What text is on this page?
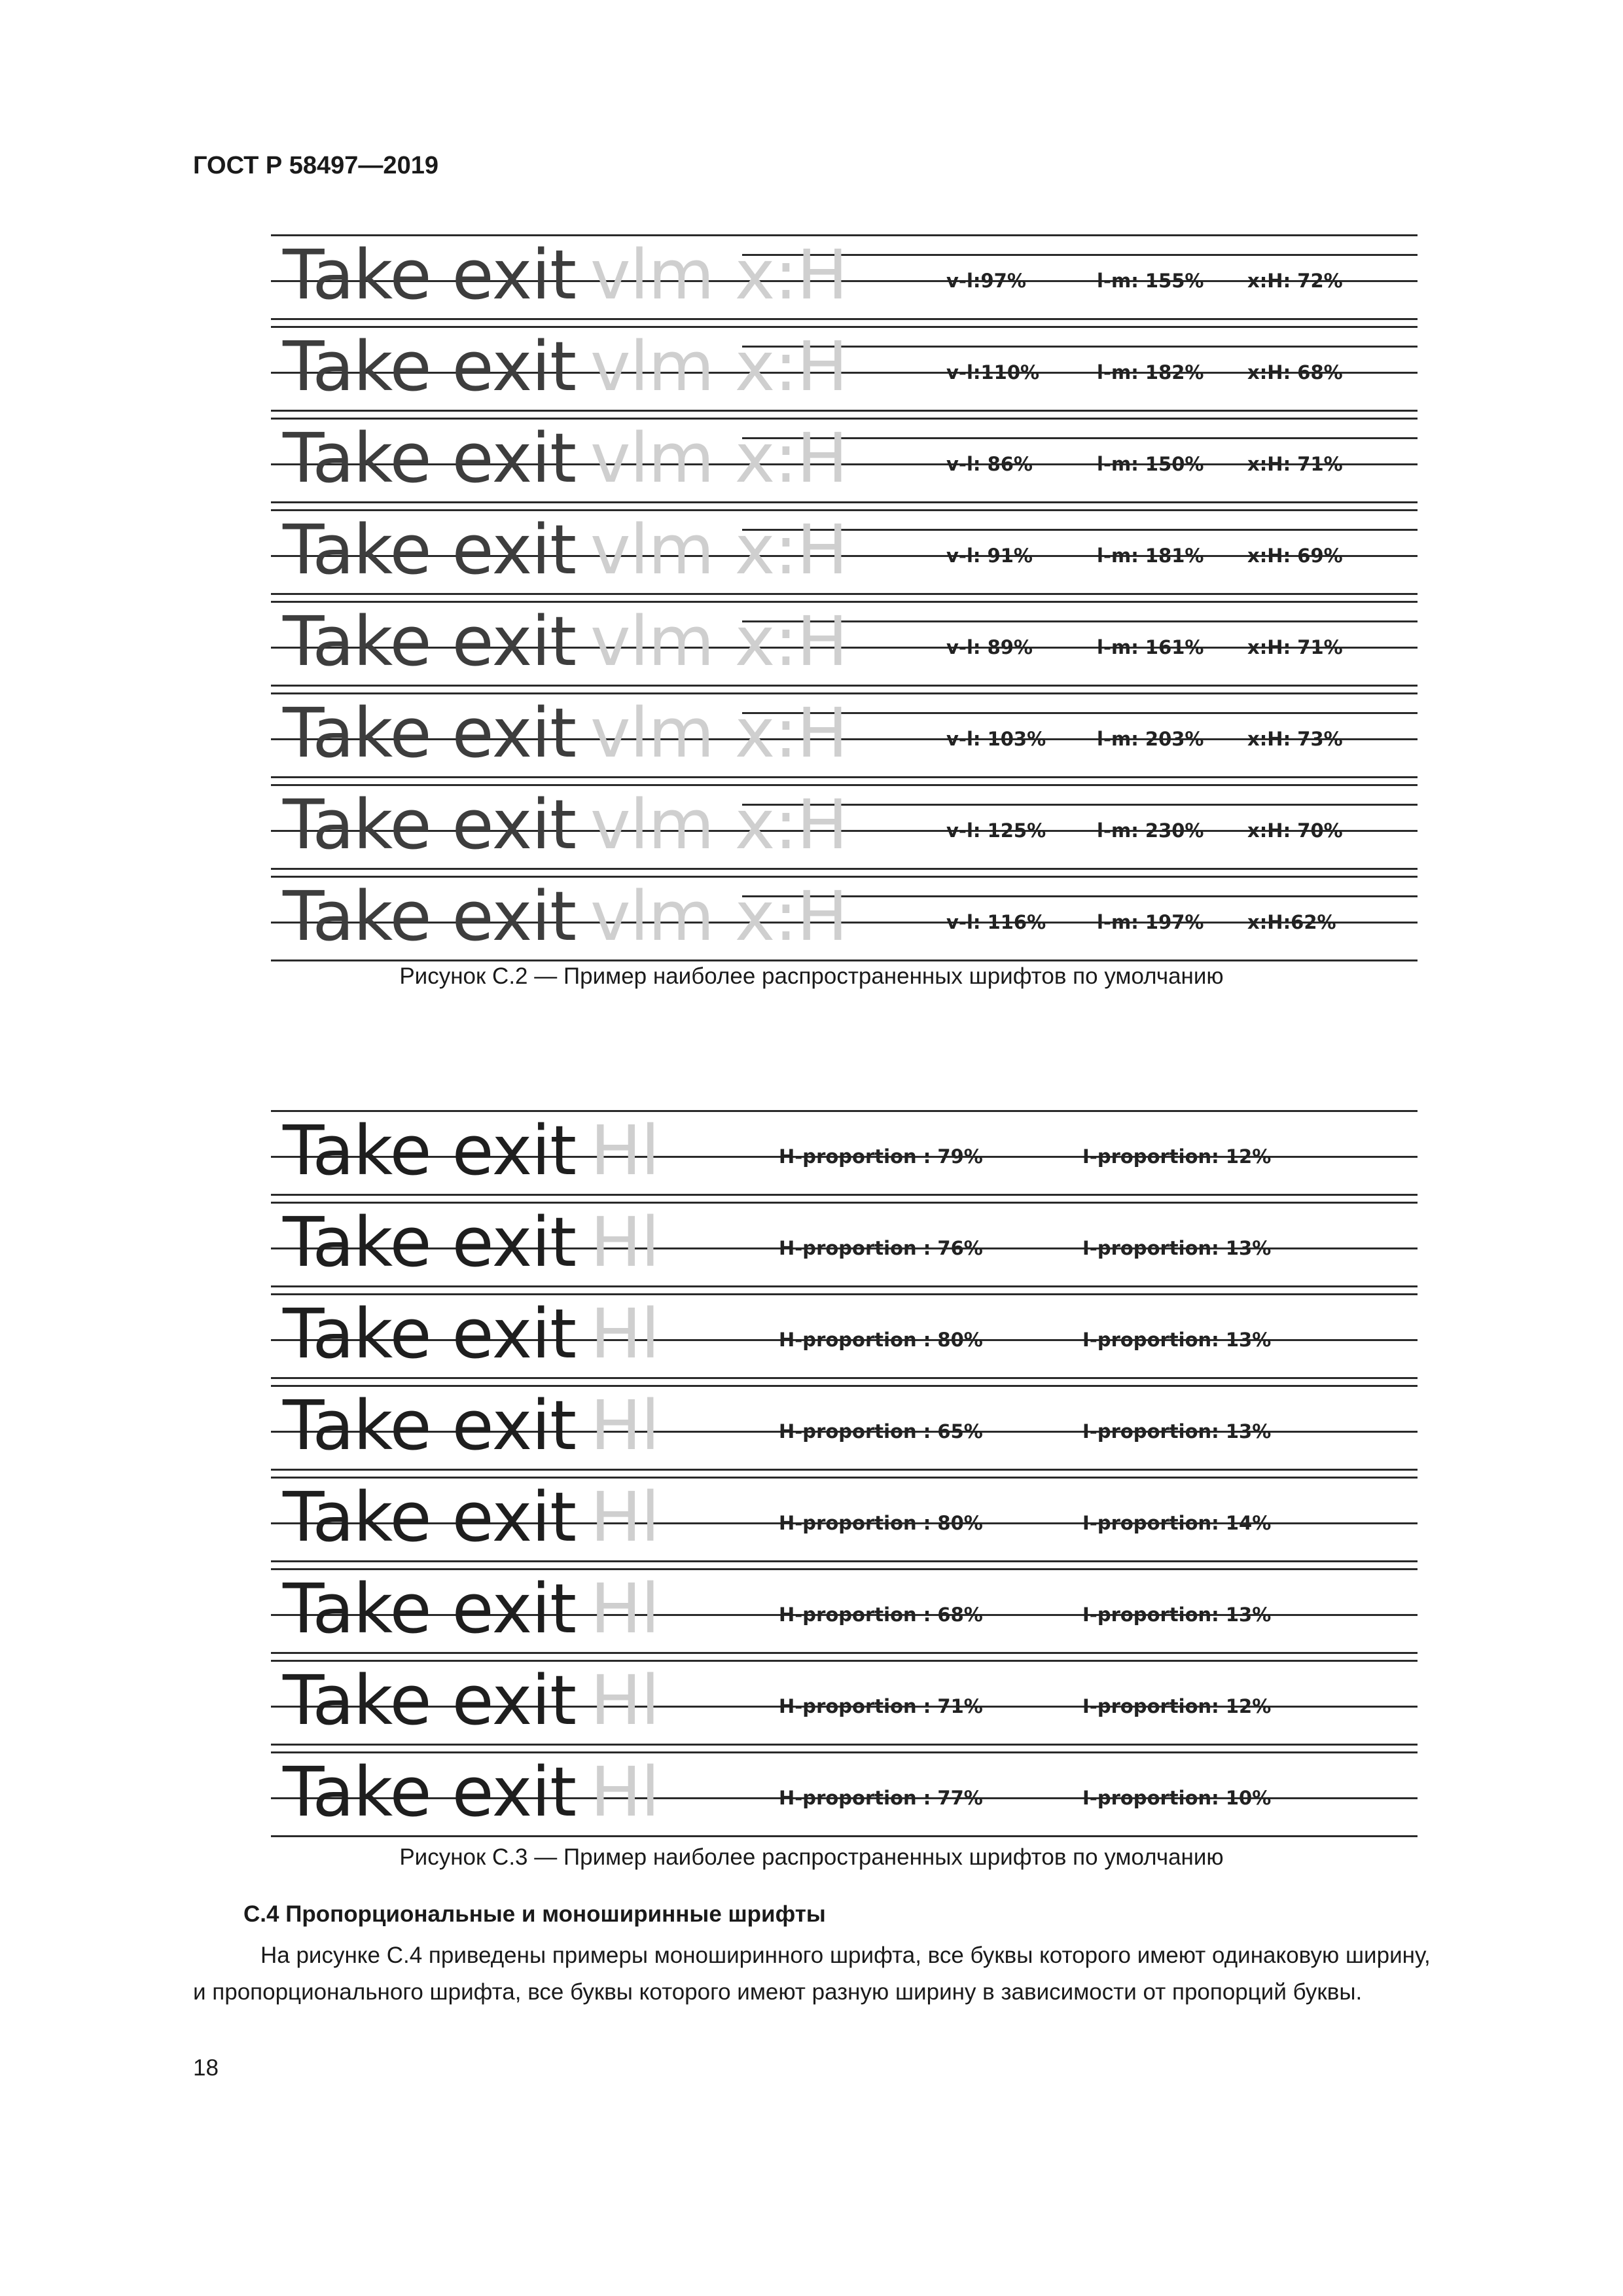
ГОСТ Р 58497—2019
Take exit vlm x:H	v-l:97%	l-m: 155% x:H: 72%
Take exit vlm x:H	v-l:110%	l-m: 182% x:H: 68%
Take exit vlm x:H	v-l: 86%	l-m: 150% x:H: 71%
Take exit vlm x:H	v-l: 91%	l-m: 181% x:H: 69%
Take exit vlm x:H	v-l: 89%	l-m: 161% x:H: 71%
Take exit vlm x:H	v-l: 103%	l-m: 203% x:H: 73%
Take exit vlm x:H	v-l: 125%	l-m: 230% x:H: 70%
Take exit vlm x:H	v-l: 116%	l-m: 197% x:H:62%
Рисунок С.2 — Пример наиболее распространенных шрифтов по умолчанию
Take exit Hl	H-proportion : 79%	I-proportion: 12%
Take exit Hl	H-proportion : 76%	I-proportion: 13%
Take exit Hl	H-proportion : 80%	I-proportion: 13%
Take exit Hl	H-proportion : 65%	I-proportion: 13%
Take exit Hl	H-proportion : 80%	I-proportion: 14%
Take exit Hl	H-proportion : 68%	I-proportion: 13%
Take exit Hl	H-proportion : 71%	I-proportion: 12%
Take exit Hl	H-proportion : 77%	I-proportion: 10%
Рисунок С.3 — Пример наиболее распространенных шрифтов по умолчанию
С.4 Пропорциональные и моноширинные шрифты
На рисунке С.4 приведены примеры моноширинного шрифта, все буквы которого имеют одинаковую ширину,
и пропорционального шрифта, все буквы которого имеют разную ширину в зависимости от пропорций буквы.
18
